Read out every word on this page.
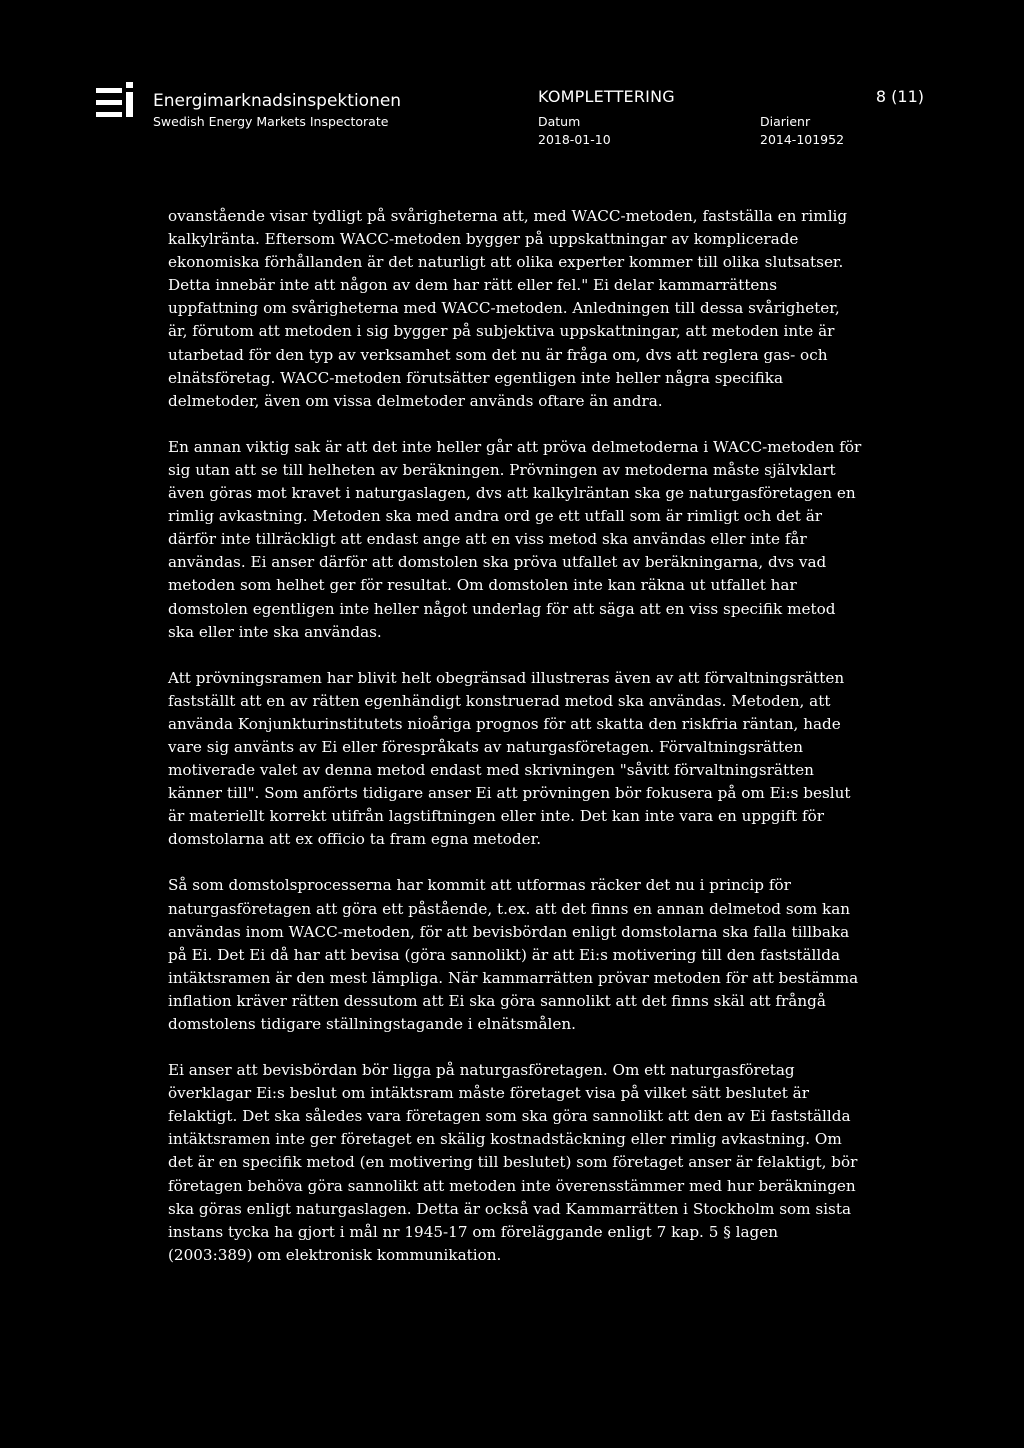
Energimarknadsinspektionen
Swedish Energy Markets Inspectorate
KOMPLETTERING	8 (11)
Datum
2018-01-10
Diarienr
2014-101952

ovanstående visar tydligt på svårigheterna att, med WACC-metoden, fastställa en rimlig kalkylränta. Eftersom WACC-metoden bygger på uppskattningar av komplicerade ekonomiska förhållanden är det naturligt att olika experter kommer till olika slutsatser. Detta innebär inte att någon av dem har rätt eller fel." Ei delar kammarrättens uppfattning om svårigheterna med WACC-metoden. Anledningen till dessa svårigheter, är, förutom att metoden i sig bygger på subjektiva uppskattningar, att metoden inte är utarbetad för den typ av verksamhet som det nu är fråga om, dvs att reglera gas- och elnätsföretag. WACC-metoden förutsätter egentligen inte heller några specifika delmetoder, även om vissa delmetoder används oftare än andra.

En annan viktig sak är att det inte heller går att pröva delmetoderna i WACC-metoden för sig utan att se till helheten av beräkningen. Prövningen av metoderna måste självklart även göras mot kravet i naturgaslagen, dvs att kalkylräntan ska ge naturgasföretagen en rimlig avkastning. Metoden ska med andra ord ge ett utfall som är rimligt och det är därför inte tillräckligt att endast ange att en viss metod ska användas eller inte får användas. Ei anser därför att domstolen ska pröva utfallet av beräkningarna, dvs vad metoden som helhet ger för resultat. Om domstolen inte kan räkna ut utfallet har domstolen egentligen inte heller något underlag för att säga att en viss specifik metod ska eller inte ska användas.

Att prövningsramen har blivit helt obegränsad illustreras även av att förvaltningsrätten fastställt att en av rätten egenhändigt konstruerad metod ska användas. Metoden, att använda Konjunkturinstitutets nioåriga prognos för att skatta den riskfria räntan, hade vare sig använts av Ei eller förespråkats av naturgasföretagen. Förvaltningsrätten motiverade valet av denna metod endast med skrivningen "såvitt förvaltningsrätten känner till". Som anförts tidigare anser Ei att prövningen bör fokusera på om Ei:s beslut är materiellt korrekt utifrån lagstiftningen eller inte. Det kan inte vara en uppgift för domstolarna att ex officio ta fram egna metoder.

Så som domstolsprocesserna har kommit att utformas räcker det nu i princip för naturgasföretagen att göra ett påstående, t.ex. att det finns en annan delmetod som kan användas inom WACC-metoden, för att bevisbördan enligt domstolarna ska falla tillbaka på Ei. Det Ei då har att bevisa (göra sannolikt) är att Ei:s motivering till den fastställda intäktsramen är den mest lämpliga. När kammarrätten prövar metoden för att bestämma inflation kräver rätten dessutom att Ei ska göra sannolikt att det finns skäl att frångå domstolens tidigare ställningstagande i elnätsmålen.

Ei anser att bevisbördan bör ligga på naturgasföretagen. Om ett naturgasföretag överklagar Ei:s beslut om intäktsram måste företaget visa på vilket sätt beslutet är felaktigt. Det ska således vara företagen som ska göra sannolikt att den av Ei fastställda intäktsramen inte ger företaget en skälig kostnadstäckning eller rimlig avkastning. Om det är en specifik metod (en motivering till beslutet) som företaget anser är felaktigt, bör företagen behöva göra sannolikt att metoden inte överensstämmer med hur beräkningen ska göras enligt naturgaslagen. Detta är också vad Kammarrätten i Stockholm som sista instans tycka ha gjort i mål nr 1945-17 om föreläggande enligt 7 kap. 5 § lagen (2003:389) om elektronisk kommunikation.
